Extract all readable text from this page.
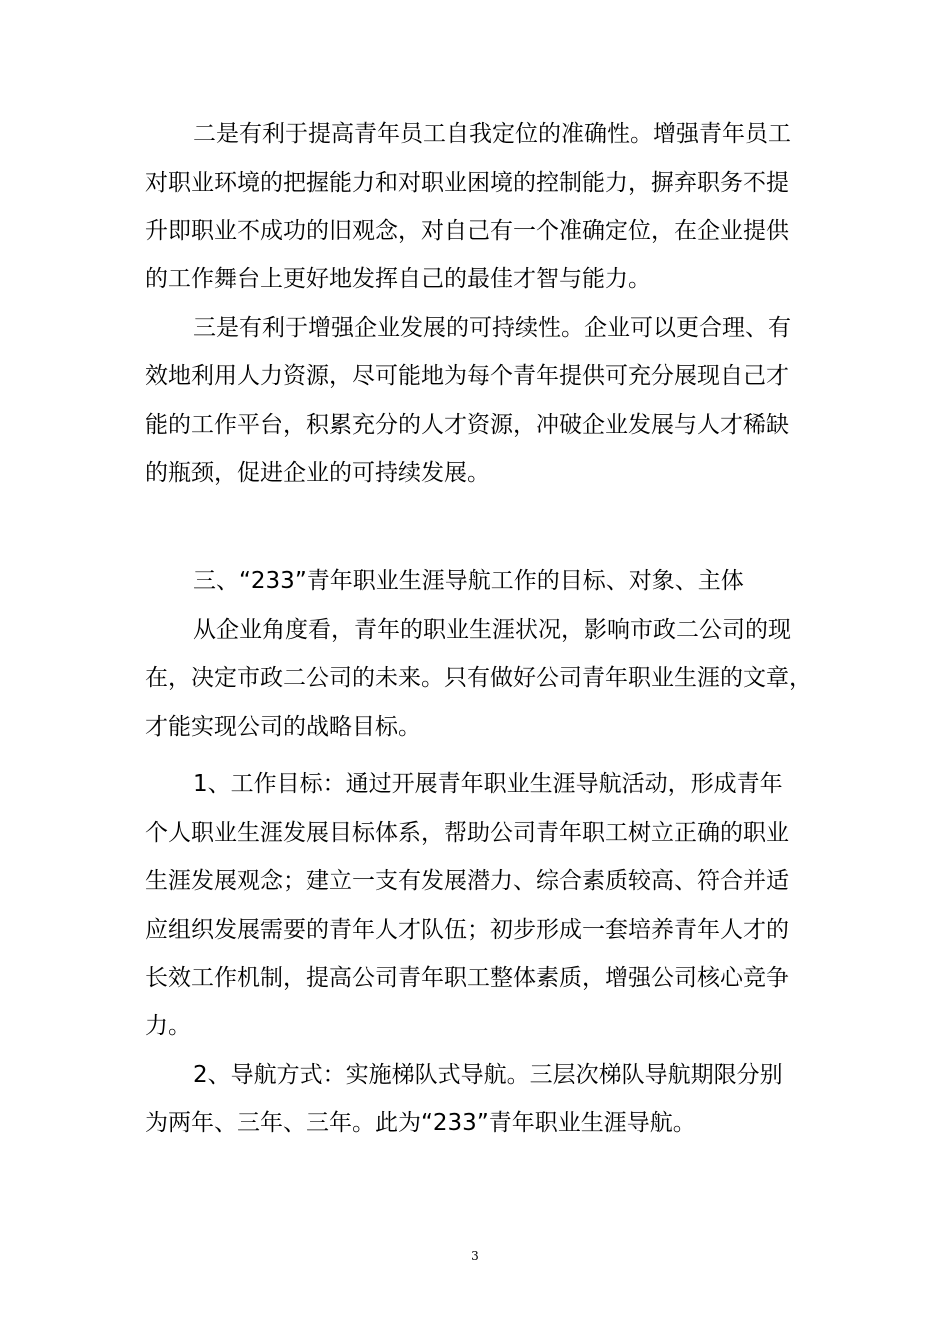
二是有利于提高青年员工自我定位的准确性。增强青年员工
对职业环境的把握能力和对职业困境的控制能力，摒弃职务不提
升即职业不成功的旧观念，对自己有一个准确定位，在企业提供
的工作舞台上更好地发挥自己的最佳才智与能力。
三是有利于增强企业发展的可持续性。企业可以更合理、有
效地利用人力资源，尽可能地为每个青年提供可充分展现自己才
能的工作平台，积累充分的人才资源，冲破企业发展与人才稀缺
的瓶颈，促进企业的可持续发展。
三、“233”青年职业生涯导航工作的目标、对象、主体
从企业角度看，青年的职业生涯状况，影响市政二公司的现
在，决定市政二公司的未来。只有做好公司青年职业生涯的文章，
才能实现公司的战略目标。
1、工作目标：通过开展青年职业生涯导航活动，形成青年
个人职业生涯发展目标体系，帮助公司青年职工树立正确的职业
生涯发展观念；建立一支有发展潜力、综合素质较高、符合并适
应组织发展需要的青年人才队伍；初步形成一套培养青年人才的
长效工作机制，提高公司青年职工整体素质，增强公司核心竞争
力。
2、导航方式：实施梯队式导航。三层次梯队导航期限分别
为两年、三年、三年。此为“233”青年职业生涯导航。
3
